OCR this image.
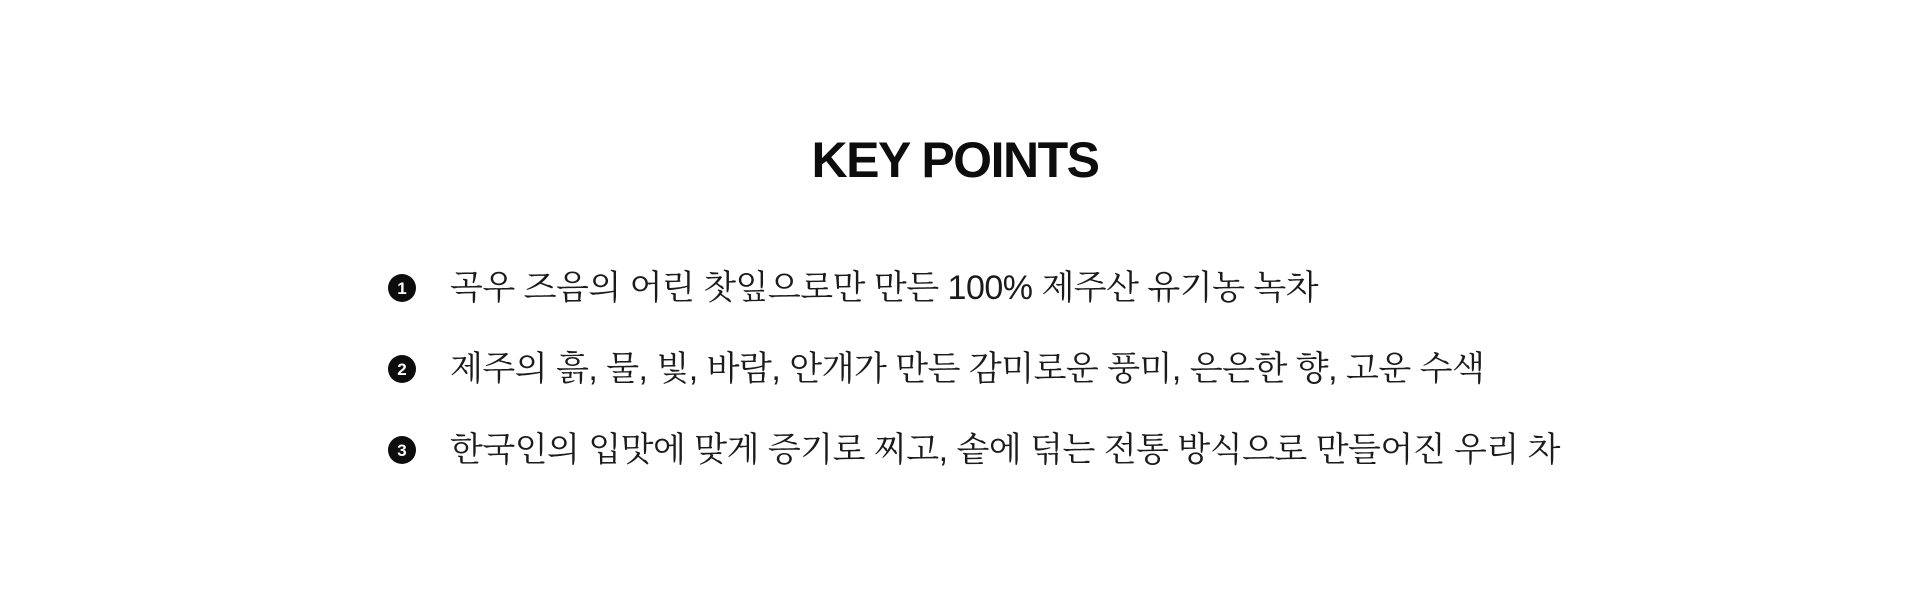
KEY POINTS
1 곡우 즈음의 어린 찻잎으로만 만든 100% 제주산 유기농 녹차
2 제주의 흙, 물, 빛, 바람, 안개가 만든 감미로운 풍미, 은은한 향, 고운 수색
3 한국인의 입맛에 맞게 증기로 찌고, 솥에 덖는 전통 방식으로 만들어진 우리 차
